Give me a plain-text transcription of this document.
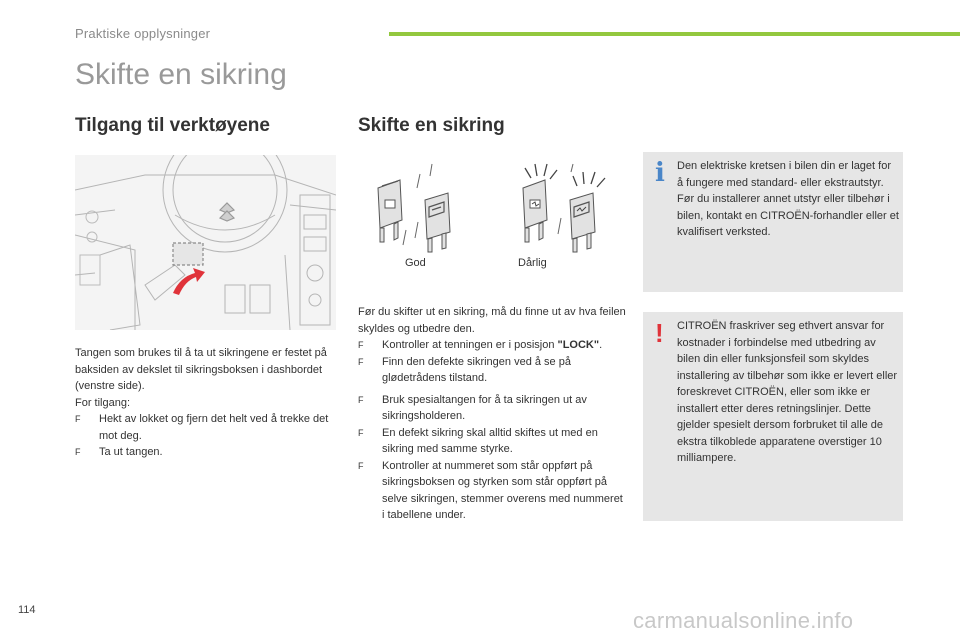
Praktiske opplysninger
Skifte en sikring
Tilgang til verktøyene	Skifte en sikring

Tangen som brukes til å ta ut sikringene er festet på baksiden av dekslet til sikringsboksen i dashbordet (venstre side).

For tilgang:

F Hekt av lokket og fjern det helt ved å trekke det mot deg.
F Ta ut tangen.
God	Dårlig

Før du skifter ut en sikring, må du finne ut av hva feilen skyldes og utbedre den.

F Kontroller at tenningen er i posisjon "LOCK".
F Finn den defekte sikringen ved å se på glødetrådens tilstand.
F Bruk spesialtangen for å ta sikringen ut av sikringsholderen.
F En defekt sikring skal alltid skiftes ut med en sikring med samme styrke.
F Kontroller at nummeret som står oppført på sikringsboksen og styrken som står oppført på selve sikringen, stemmer overens med nummeret i tabellene under.
i Den elektriske kretsen i bilen din er laget for å fungere med standard- eller ekstrautstyr.
Før du installerer annet utstyr eller tilbehør i bilen, kontakt en CITROËN-forhandler eller et kvalifisert verksted.
! CITROËN fraskriver seg ethvert ansvar for kostnader i forbindelse med utbedring av bilen din eller funksjonsfeil som skyldes installering av tilbehør som ikke er levert eller foreskrevet CITROËN, eller som ikke er installert etter deres retningslinjer. Dette gjelder spesielt dersom forbruket til alle de ekstra tilkoblede apparatene overstiger 10 milliampere.
114	carmanualsonline.info
